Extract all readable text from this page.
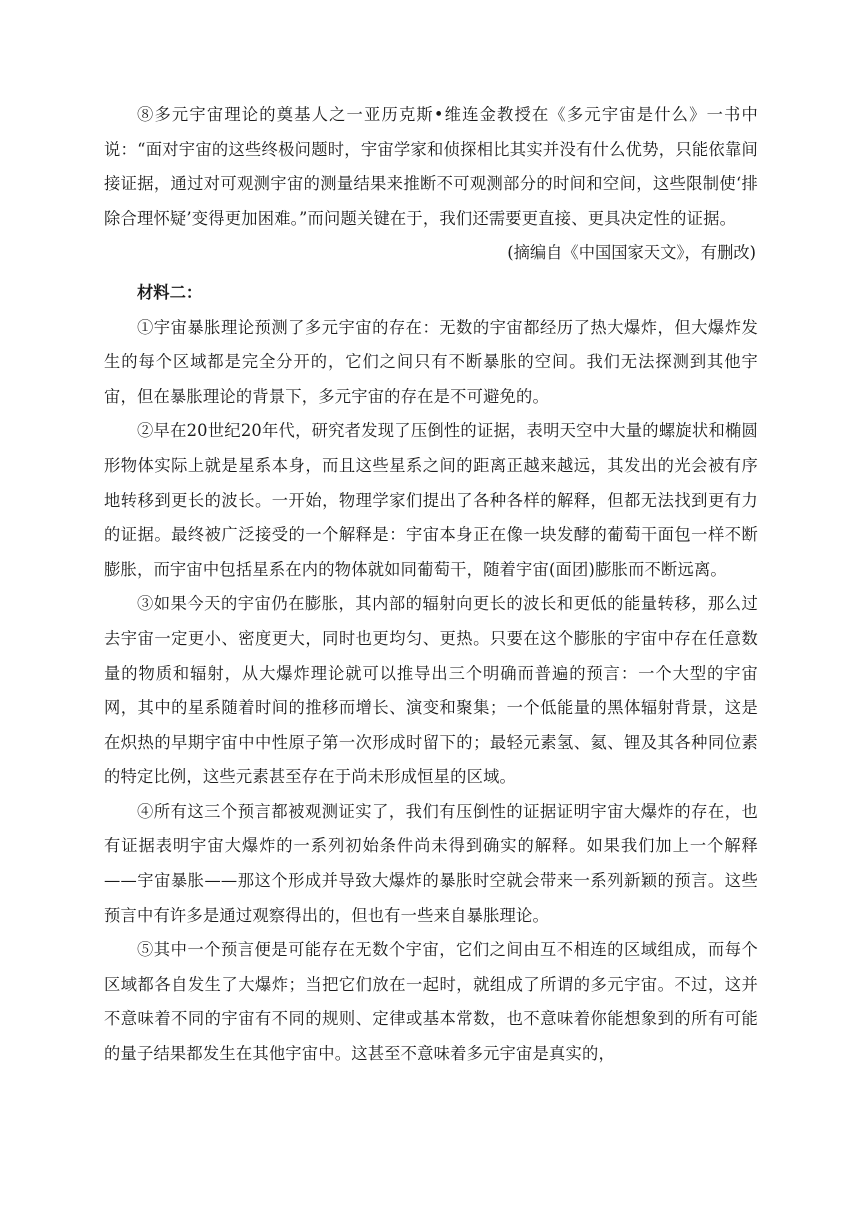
⑧多元宇宙理论的奠基人之一亚历克斯•维连金教授在《多元宇宙是什么》一书中说：“面对宇宙的这些终极问题时，宇宙学家和侦探相比其实并没有什么优势，只能依靠间接证据，通过对可观测宇宙的测量结果来推断不可观测部分的时间和空间，这些限制使‘排除合理怀疑’变得更加困难。”而问题关键在于，我们还需要更直接、更具决定性的证据。

(摘编自《中国国家天文》，有删改)

材料二：

①宇宙暴胀理论预测了多元宇宙的存在：无数的宇宙都经历了热大爆炸，但大爆炸发生的每个区域都是完全分开的，它们之间只有不断暴胀的空间。我们无法探测到其他宇宙，但在暴胀理论的背景下，多元宇宙的存在是不可避免的。

②早在20世纪20年代，研究者发现了压倒性的证据，表明天空中大量的螺旋状和椭圆形物体实际上就是星系本身，而且这些星系之间的距离正越来越远，其发出的光会被有序地转移到更长的波长。一开始，物理学家们提出了各种各样的解释，但都无法找到更有力的证据。最终被广泛接受的一个解释是：宇宙本身正在像一块发酵的葡萄干面包一样不断膨胀，而宇宙中包括星系在内的物体就如同葡萄干，随着宇宙(面团)膨胀而不断远离。

③如果今天的宇宙仍在膨胀，其内部的辐射向更长的波长和更低的能量转移，那么过去宇宙一定更小、密度更大，同时也更均匀、更热。只要在这个膨胀的宇宙中存在任意数量的物质和辐射，从大爆炸理论就可以推导出三个明确而普遍的预言：一个大型的宇宙网，其中的星系随着时间的推移而增长、演变和聚集；一个低能量的黑体辐射背景，这是在炽热的早期宇宙中中性原子第一次形成时留下的；最轻元素氢、氦、锂及其各种同位素的特定比例，这些元素甚至存在于尚未形成恒星的区域。

④所有这三个预言都被观测证实了，我们有压倒性的证据证明宇宙大爆炸的存在，也有证据表明宇宙大爆炸的一系列初始条件尚未得到确实的解释。如果我们加上一个解释——宇宙暴胀——那这个形成并导致大爆炸的暴胀时空就会带来一系列新颖的预言。这些预言中有许多是通过观察得出的，但也有一些来自暴胀理论。

⑤其中一个预言便是可能存在无数个宇宙，它们之间由互不相连的区域组成，而每个区域都各自发生了大爆炸；当把它们放在一起时，就组成了所谓的多元宇宙。不过，这并不意味着不同的宇宙有不同的规则、定律或基本常数，也不意味着你能想象到的所有可能的量子结果都发生在其他宇宙中。这甚至不意味着多元宇宙是真实的，
